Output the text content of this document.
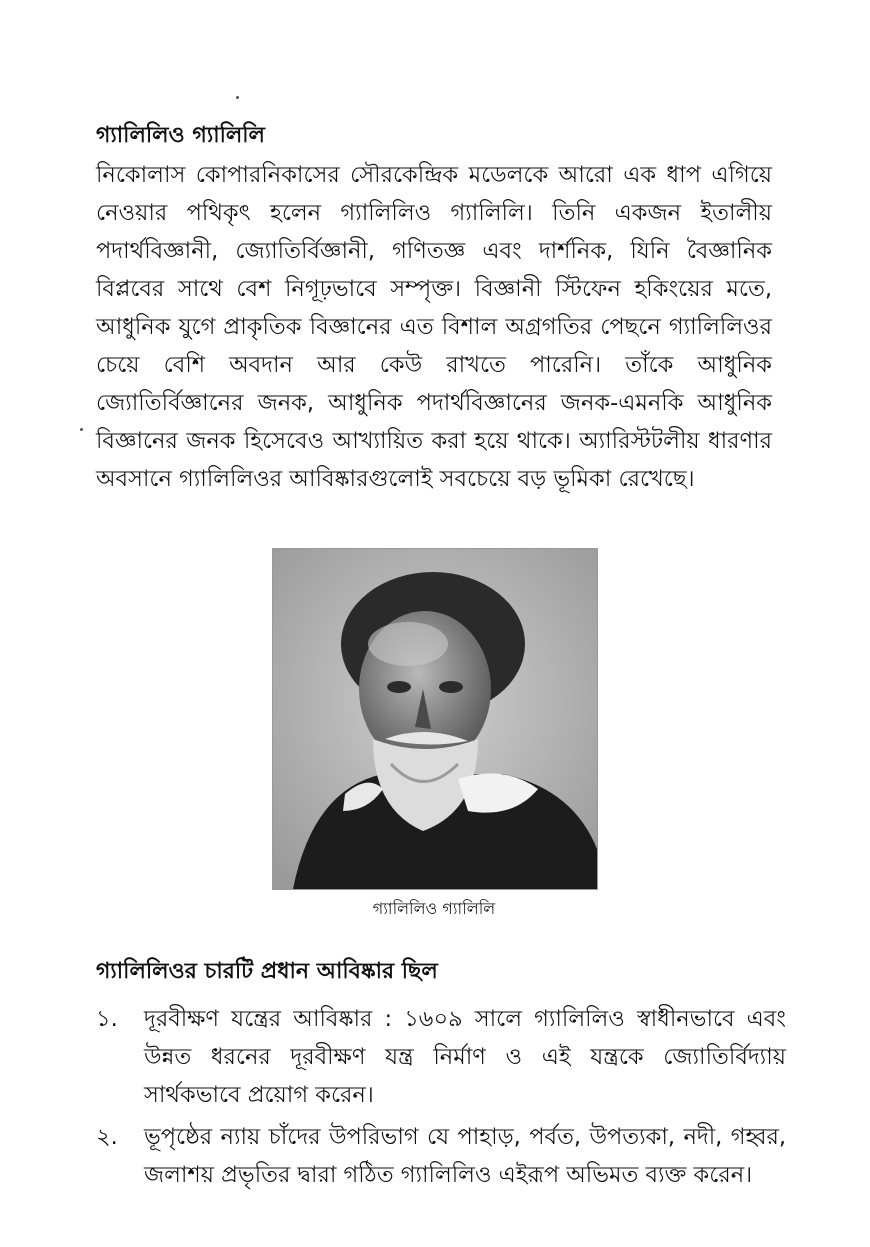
গ্যালিলিও গ্যালিলি

নিকোলাস কোপারনিকাসের সৌরকেন্দ্রিক মডেলকে আরো এক ধাপ এগিয়ে নেওয়ার পথিকৃৎ হলেন গ্যালিলিও গ্যালিলি। তিনি একজন ইতালীয় পদার্থবিজ্ঞানী, জ্যোতির্বিজ্ঞানী, গণিতজ্ঞ এবং দার্শনিক, যিনি বৈজ্ঞানিক বিপ্লবের সাথে বেশ নিগূঢ়ভাবে সম্পৃক্ত। বিজ্ঞানী স্টিফেন হকিংয়ের মতে, আধুনিক যুগে প্রাকৃতিক বিজ্ঞানের এত বিশাল অগ্রগতির পেছনে গ্যালিলিওর চেয়ে বেশি অবদান আর কেউ রাখতে পারেনি। তাঁকে আধুনিক জ্যোতির্বিজ্ঞানের জনক, আধুনিক পদার্থবিজ্ঞানের জনক-এমনকি আধুনিক বিজ্ঞানের জনক হিসেবেও আখ্যায়িত করা হয়ে থাকে। অ্যারিস্টটলীয় ধারণার অবসানে গ্যালিলিওর আবিষ্কারগুলোই সবচেয়ে বড় ভূমিকা রেখেছে।

গ্যালিলিও গ্যালিলি
গ্যালিলিওর চারটি প্রধান আবিষ্কার ছিল
১. দূরবীক্ষণ যন্ত্রের আবিষ্কার : ১৬০৯ সালে গ্যালিলিও স্বাধীনভাবে এবং উন্নত ধরনের দূরবীক্ষণ যন্ত্র নির্মাণ ও এই যন্ত্রকে জ্যোতির্বিদ্যায় সার্থকভাবে প্রয়োগ করেন।
২. ভূপৃষ্ঠের ন্যায় চাঁদের উপরিভাগ যে পাহাড়, পর্বত, উপত্যকা, নদী, গহ্বর, জলাশয় প্রভৃতির দ্বারা গঠিত গ্যালিলিও এইরূপ অভিমত ব্যক্ত করেন।
